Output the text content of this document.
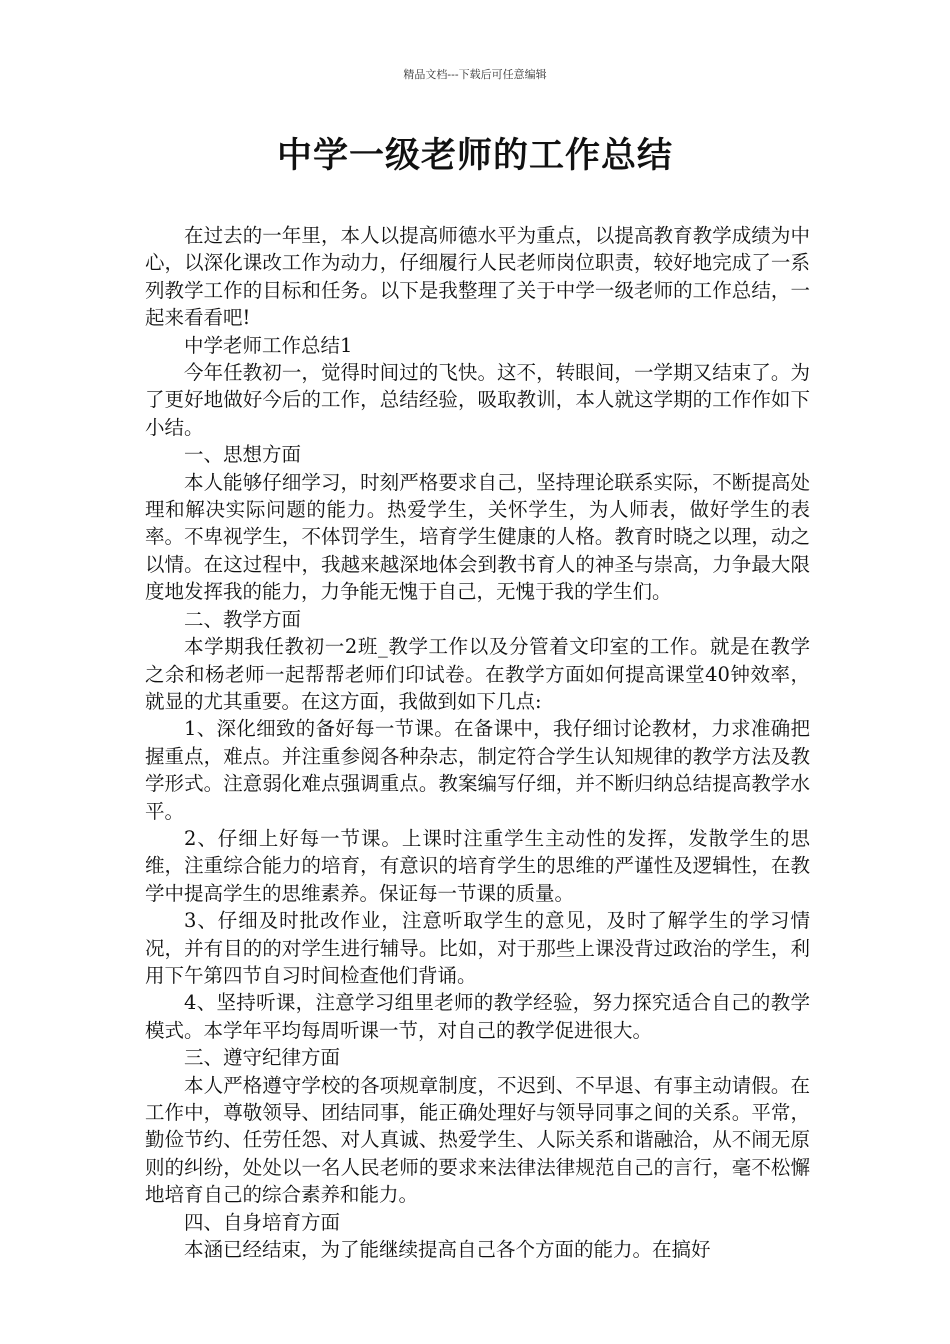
精品文档---下载后可任意编辑
中学一级老师的工作总结

在过去的一年里，本人以提高师德水平为重点，以提高教育教学成绩为中心，以深化课改工作为动力，仔细履行人民老师岗位职责，较好地完成了一系列教学工作的目标和任务。以下是我整理了关于中学一级老师的工作总结，一起来看看吧!

中学老师工作总结1

今年任教初一，觉得时间过的飞快。这不，转眼间，一学期又结束了。为了更好地做好今后的工作，总结经验，吸取教训，本人就这学期的工作作如下小结。

一、思想方面

本人能够仔细学习，时刻严格要求自己，坚持理论联系实际，不断提高处理和解决实际问题的能力。热爱学生，关怀学生，为人师表，做好学生的表率。不卑视学生，不体罚学生，培育学生健康的人格。教育时晓之以理，动之以情。在这过程中，我越来越深地体会到教书育人的神圣与崇高，力争最大限度地发挥我的能力，力争能无愧于自己，无愧于我的学生们。

二、教学方面

本学期我任教初一2班_教学工作以及分管着文印室的工作。就是在教学之余和杨老师一起帮帮老师们印试卷。在教学方面如何提高课堂40钟效率，就显的尤其重要。在这方面，我做到如下几点:

1、深化细致的备好每一节课。在备课中，我仔细讨论教材，力求准确把握重点，难点。并注重参阅各种杂志，制定符合学生认知规律的教学方法及教学形式。注意弱化难点强调重点。教案编写仔细，并不断归纳总结提高教学水平。

2、仔细上好每一节课。上课时注重学生主动性的发挥，发散学生的思维，注重综合能力的培育，有意识的培育学生的思维的严谨性及逻辑性，在教学中提高学生的思维素养。保证每一节课的质量。

3、仔细及时批改作业，注意听取学生的意见，及时了解学生的学习情况，并有目的的对学生进行辅导。比如，对于那些上课没背过政治的学生，利用下午第四节自习时间检查他们背诵。

4、坚持听课，注意学习组里老师的教学经验，努力探究适合自己的教学模式。本学年平均每周听课一节，对自己的教学促进很大。

三、遵守纪律方面

本人严格遵守学校的各项规章制度，不迟到、不早退、有事主动请假。在工作中，尊敬领导、团结同事，能正确处理好与领导同事之间的关系。平常，勤俭节约、任劳任怨、对人真诚、热爱学生、人际关系和谐融洽，从不闹无原则的纠纷，处处以一名人民老师的要求来法律法律规范自己的言行，毫不松懈地培育自己的综合素养和能力。

四、自身培育方面

本涵已经结束，为了能继续提高自己各个方面的能力。在搞好
